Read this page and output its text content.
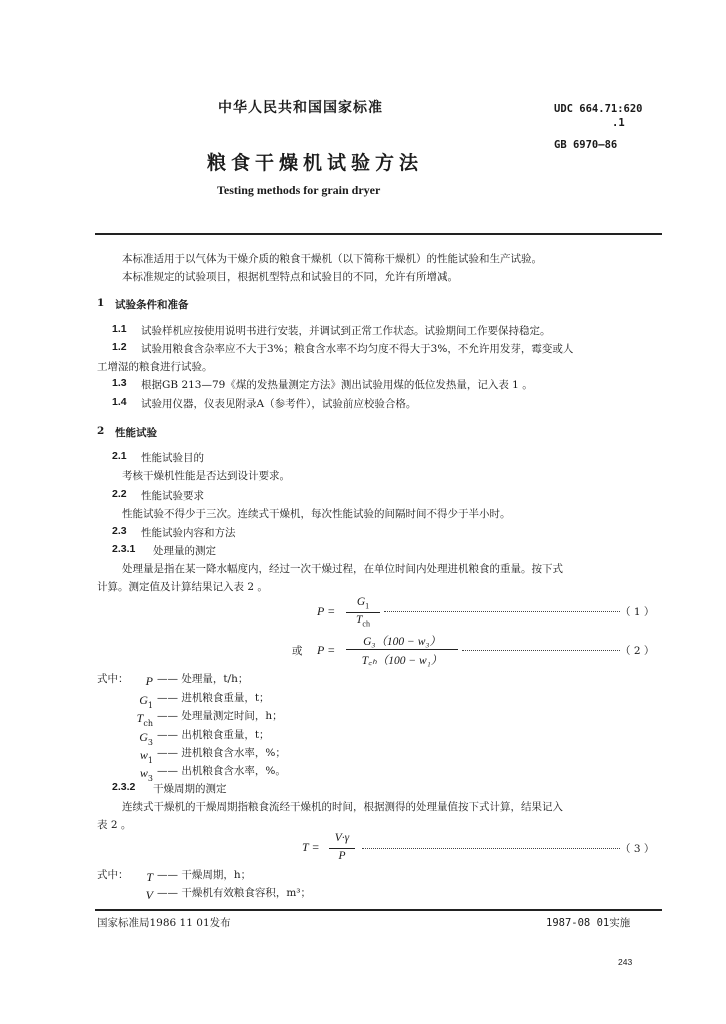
中华人民共和国国家标准	UDC 664.71:620
.1
GB 6970—86
粮食干燥机试验方法
Testing methods for grain dryer
本标准适用于以气体为干燥介质的粮食干燥机（以下简称干燥机）的性能试验和生产试验。
本标准规定的试验项目，根据机型特点和试验目的不同，允许有所增减。
1 试验条件和准备
1.1 试验样机应按使用说明书进行安装，并调试到正常工作状态。试验期间工作要保持稳定。
1.2 试验用粮食含杂率应不大于3%；粮食含水率不均匀度不得大于3%，不允许用发芽，霉变或人
工增湿的粮食进行试验。
1.3 根据GB 213—79《煤的发热量测定方法》测出试验用煤的低位发热量，记入表 1 。
1.4 试验用仪器，仪表见附录A（参考件），试验前应校验合格。
2 性能试验
2.1 性能试验目的
考核干燥机性能是否达到设计要求。
2.2 性能试验要求
性能试验不得少于三次。连续式干燥机，每次性能试验的间隔时间不得少于半小时。
2.3 性能试验内容和方法
2.3.1 处理量的测定
处理量是指在某一降水幅度内，经过一次干燥过程，在单位时间内处理进机粮食的重量。按下式
计算。测定值及计算结果记入表 2 。
P =
$G_1$
$T_{ch}$
（ 1 ）
或 P =
G₃（100 − w₃）
T꜀ₕ（100 − w₁）
（ 2 ）
式中：	P —— 处理量，t/h；
$G_1$
—— 进机粮食重量，t；
$T_{ch}$
—— 处理量测定时间，h；
$G_3$
—— 出机粮食重量，t；
$w_1$
—— 进机粮食含水率，%；
$w_3$
—— 出机粮食含水率，%。
2.3.2 干燥周期的测定
连续式干燥机的干燥周期指粮食流经干燥机的时间，根据测得的处理量值按下式计算，结果记入
表 2 。
T =
V·γ
P
（ 3 ）
式中：	T —— 干燥周期，h；
V —— 干燥机有效粮食容积，m³；
国家标准局1986 11 01发布	1987-08 01实施
243
